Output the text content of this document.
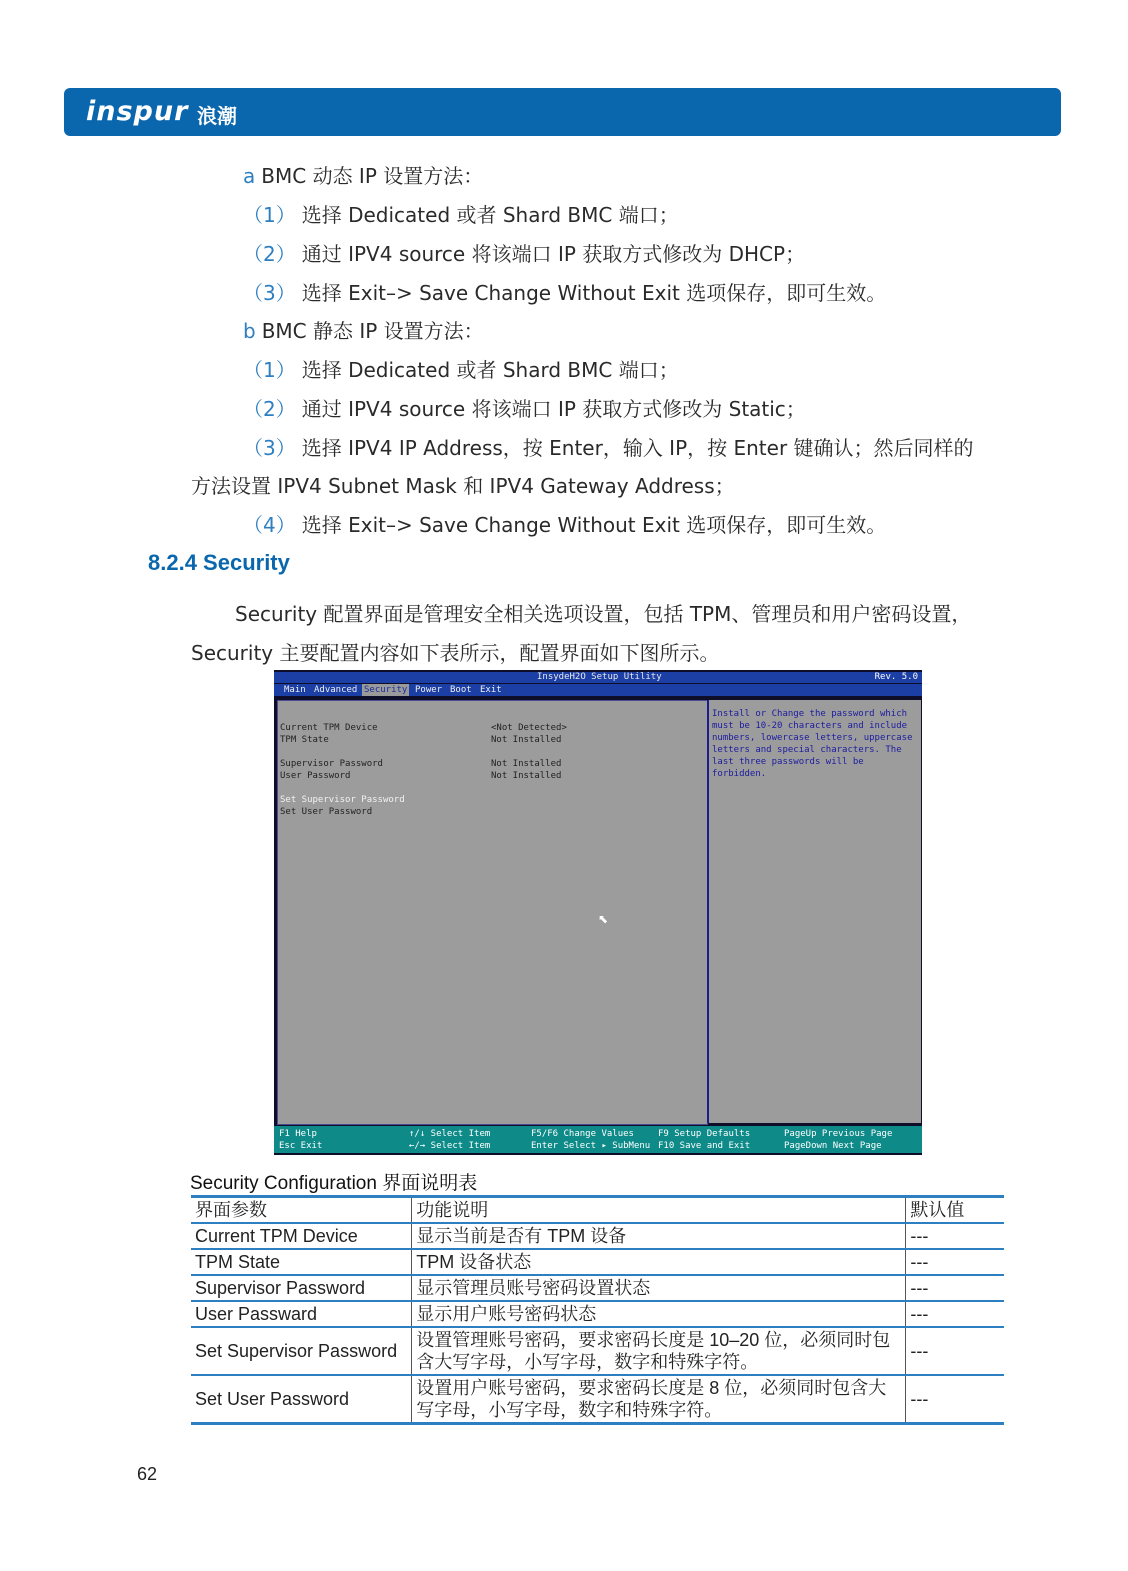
inspur 浪潮
a BMC 动态 IP 设置方法：
（1） 选择 Dedicated 或者 Shard BMC 端口；
（2） 通过 IPV4 source 将该端口 IP 获取方式修改为 DHCP；
（3） 选择 Exit–> Save Change Without Exit 选项保存，即可生效。
b BMC 静态 IP 设置方法：
（1） 选择 Dedicated 或者 Shard BMC 端口；
（2） 通过 IPV4 source 将该端口 IP 获取方式修改为 Static；
（3） 选择 IPV4 IP Address，按 Enter，输入 IP，按 Enter 键确认；然后同样的
方法设置 IPV4 Subnet Mask 和 IPV4 Gateway Address；
（4） 选择 Exit–> Save Change Without Exit 选项保存，即可生效。
8.2.4 Security
Security 配置界面是管理安全相关选项设置，包括 TPM、管理员和用户密码设置，
Security 主要配置内容如下表所示，配置界面如下图所示。
InsydeH2O Setup Utility	Rev. 5.0
Main Advanced Security Power Boot Exit
Current TPM Device	<Not Detected>
TPM State	Not Installed
Supervisor Password	Not Installed
User Password	Not Installed
Set Supervisor Password
Set User Password
Install or Change the password which must be 10-20 characters and include numbers, lowercase letters, uppercase letters and special characters. The last three passwords will be forbidden.
F1 Help
Esc Exit
↑/↓ Select Item
←/→ Select Item
F5/F6 Change Values
Enter Select ▸ SubMenu
F9 Setup Defaults
F10 Save and Exit
PageUp Previous Page
PageDown Next Page
⬉
Security Configuration 界面说明表
界面参数	功能说明	默认值
Current TPM Device	显示当前是否有 TPM 设备	---
TPM State	TPM 设备状态	---
Supervisor Password	显示管理员账号密码设置状态	---
User Passward	显示用户账号密码状态	---
Set Supervisor Password	设置管理账号密码，要求密码长度是 10–20 位，必须同时包含大写字母，小写字母，数字和特殊字符。	---
Set User Password	设置用户账号密码，要求密码长度是 8 位，必须同时包含大写字母，小写字母，数字和特殊字符。	---
62
